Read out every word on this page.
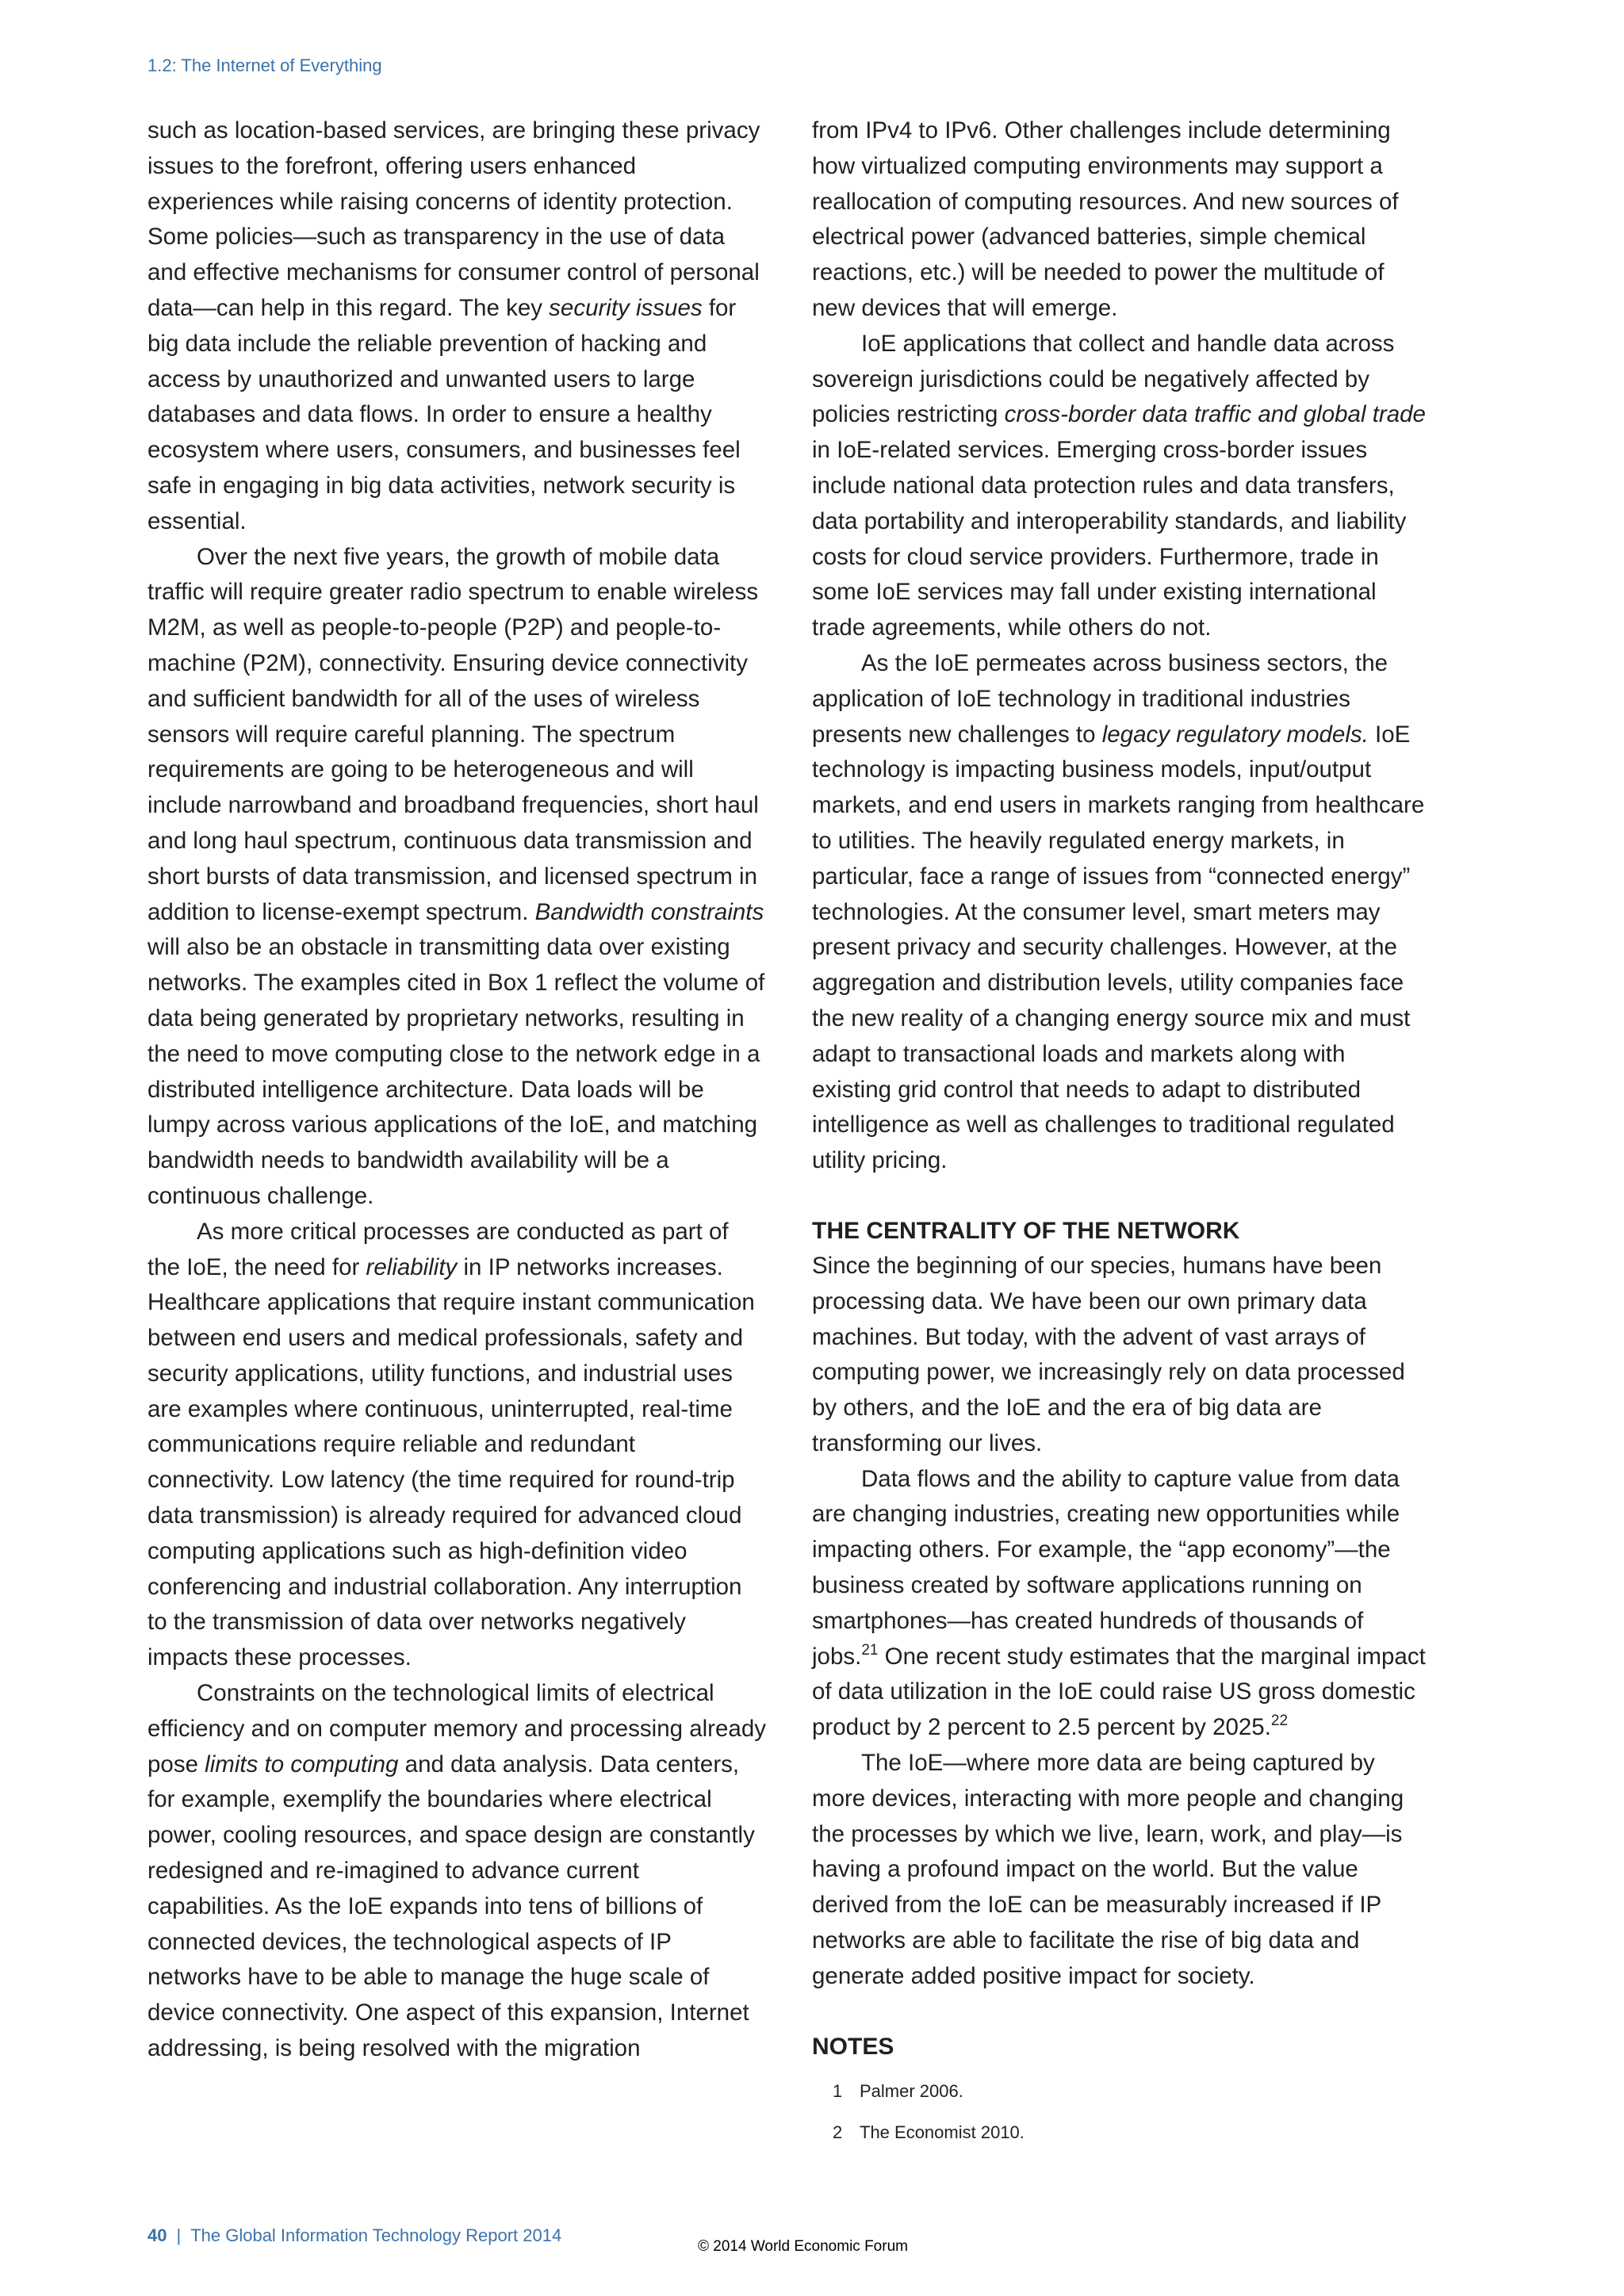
1.2: The Internet of Everything

such as location-based services, are bringing these privacy issues to the forefront, offering users enhanced experiences while raising concerns of identity protection. Some policies—such as transparency in the use of data and effective mechanisms for consumer control of personal data—can help in this regard. The key security issues for big data include the reliable prevention of hacking and access by unauthorized and unwanted users to large databases and data flows. In order to ensure a healthy ecosystem where users, consumers, and businesses feel safe in engaging in big data activities, network security is essential.

Over the next five years, the growth of mobile data traffic will require greater radio spectrum to enable wireless M2M, as well as people-to-people (P2P) and people-to-machine (P2M), connectivity. Ensuring device connectivity and sufficient bandwidth for all of the uses of wireless sensors will require careful planning. The spectrum requirements are going to be heterogeneous and will include narrowband and broadband frequencies, short haul and long haul spectrum, continuous data transmission and short bursts of data transmission, and licensed spectrum in addition to license-exempt spectrum. Bandwidth constraints will also be an obstacle in transmitting data over existing networks. The examples cited in Box 1 reflect the volume of data being generated by proprietary networks, resulting in the need to move computing close to the network edge in a distributed intelligence architecture. Data loads will be lumpy across various applications of the IoE, and matching bandwidth needs to bandwidth availability will be a continuous challenge.

As more critical processes are conducted as part of the IoE, the need for reliability in IP networks increases. Healthcare applications that require instant communication between end users and medical professionals, safety and security applications, utility functions, and industrial uses are examples where continuous, uninterrupted, real-time communications require reliable and redundant connectivity. Low latency (the time required for round-trip data transmission) is already required for advanced cloud computing applications such as high-definition video conferencing and industrial collaboration. Any interruption to the transmission of data over networks negatively impacts these processes.

Constraints on the technological limits of electrical efficiency and on computer memory and processing already pose limits to computing and data analysis. Data centers, for example, exemplify the boundaries where electrical power, cooling resources, and space design are constantly redesigned and re-imagined to advance current capabilities. As the IoE expands into tens of billions of connected devices, the technological aspects of IP networks have to be able to manage the huge scale of device connectivity. One aspect of this expansion, Internet addressing, is being resolved with the migration

from IPv4 to IPv6. Other challenges include determining how virtualized computing environments may support a reallocation of computing resources. And new sources of electrical power (advanced batteries, simple chemical reactions, etc.) will be needed to power the multitude of new devices that will emerge.

IoE applications that collect and handle data across sovereign jurisdictions could be negatively affected by policies restricting cross-border data traffic and global trade in IoE-related services. Emerging cross-border issues include national data protection rules and data transfers, data portability and interoperability standards, and liability costs for cloud service providers. Furthermore, trade in some IoE services may fall under existing international trade agreements, while others do not.

As the IoE permeates across business sectors, the application of IoE technology in traditional industries presents new challenges to legacy regulatory models. IoE technology is impacting business models, input/output markets, and end users in markets ranging from healthcare to utilities. The heavily regulated energy markets, in particular, face a range of issues from “connected energy” technologies. At the consumer level, smart meters may present privacy and security challenges. However, at the aggregation and distribution levels, utility companies face the new reality of a changing energy source mix and must adapt to transactional loads and markets along with existing grid control that needs to adapt to distributed intelligence as well as challenges to traditional regulated utility pricing.

THE CENTRALITY OF THE NETWORK

Since the beginning of our species, humans have been processing data. We have been our own primary data machines. But today, with the advent of vast arrays of computing power, we increasingly rely on data processed by others, and the IoE and the era of big data are transforming our lives.

Data flows and the ability to capture value from data are changing industries, creating new opportunities while impacting others. For example, the “app economy”—the business created by software applications running on smartphones—has created hundreds of thousands of jobs.$^{21}$ One recent study estimates that the marginal impact of data utilization in the IoE could raise US gross domestic product by 2 percent to 2.5 percent by 2025.22

The IoE—where more data are being captured by more devices, interacting with more people and changing the processes by which we live, learn, work, and play—is having a profound impact on the world. But the value derived from the IoE can be measurably increased if IP networks are able to facilitate the rise of big data and generate added positive impact for society.

NOTES
1 Palmer 2006.
2 The Economist 2010.
40 | The Global Information Technology Report 2014
© 2014 World Economic Forum
